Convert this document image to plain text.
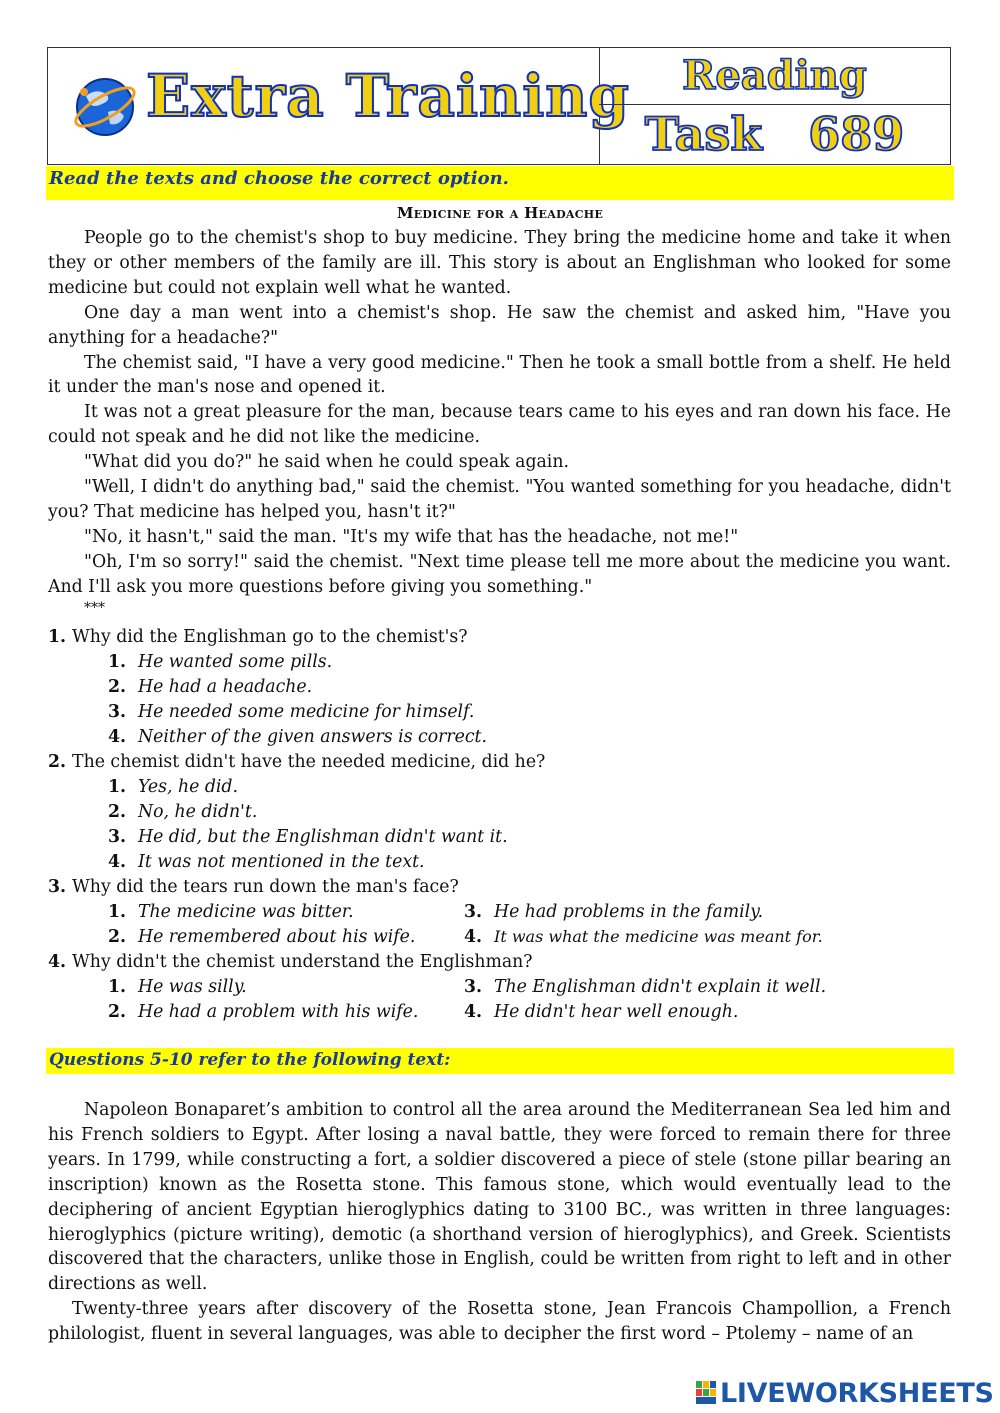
Extra Training	Reading
Task 689
Read the texts and choose the correct option.
Medicine for a Headache

People go to the chemist's shop to buy medicine. They bring the medicine home and take it when they or other members of the family are ill. This story is about an Englishman who looked for some medicine but could not explain well what he wanted.

One day a man went into a chemist's shop. He saw the chemist and asked him, "Have you anything for a headache?"

The chemist said, "I have a very good medicine." Then he took a small bottle from a shelf. He held it under the man's nose and opened it.

It was not a great pleasure for the man, because tears came to his eyes and ran down his face. He could not speak and he did not like the medicine.

"What did you do?" he said when he could speak again.

"Well, I didn't do anything bad," said the chemist. "You wanted something for you headache, didn't you? That medicine has helped you, hasn't it?"

"No, it hasn't," said the man. "It's my wife that has the headache, not me!"

"Oh, I'm so sorry!" said the chemist. "Next time please tell me more about the medicine you want. And I'll ask you more questions before giving you something."

***
1. Why did the Englishman go to the chemist's?
1. He wanted some pills.
2. He had a headache.
3. He needed some medicine for himself.
4. Neither of the given answers is correct.
2. The chemist didn't have the needed medicine, did he?
1. Yes, he did.
2. No, he didn't.
3. He did, but the Englishman didn't want it.
4. It was not mentioned in the text.
3. Why did the tears run down the man's face?
1. The medicine was bitter.	3. He had problems in the family.
2. He remembered about his wife.	4. It was what the medicine was meant for.
4. Why didn't the chemist understand the Englishman?
1. He was silly.	3. The Englishman didn't explain it well.
2. He had a problem with his wife.	4. He didn't hear well enough.
Questions 5-10 refer to the following text:

Napoleon Bonaparet’s ambition to control all the area around the Mediterranean Sea led him and his French soldiers to Egypt. After losing a naval battle, they were forced to remain there for three years. In 1799, while constructing a fort, a soldier discovered a piece of stele (stone pillar bearing an inscription) known as the Rosetta stone. This famous stone, which would eventually lead to the deciphering of ancient Egyptian hieroglyphics dating to 3100 BC., was written in three languages: hieroglyphics (picture writing), demotic (a shorthand version of hieroglyphics), and Greek. Scientists discovered that the characters, unlike those in English, could be written from right to left and in other directions as well.

Twenty-three years after discovery of the Rosetta stone, Jean Francois Champollion, a French philologist, fluent in several languages, was able to decipher the first word – Ptolemy – name of an

LIVEWORKSHEETS
